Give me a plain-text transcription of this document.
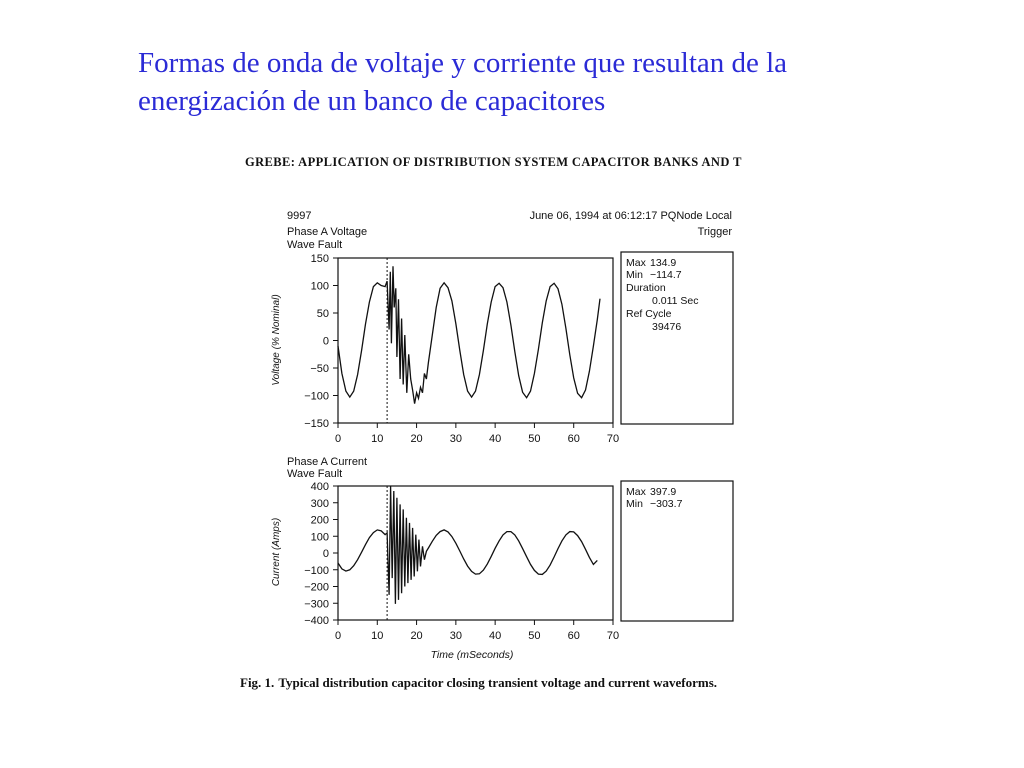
Formas de onda de voltaje y corriente que resultan de la
energización de un banco de capacitores
GREBE: APPLICATION OF DISTRIBUTION SYSTEM CAPACITOR BANKS AND T
9997
Phase A Voltage
Wave Fault
June 06, 1994 at 06:12:17 PQNode Local
Trigger
150
100
50
0
−50
−100
−150
0	10 20 30 40 50 60 70
Voltage (% Nominal)
Max 134.9
Min −114.7
Duration
0.011 Sec
Ref Cycle
39476
Phase A Current
Wave Fault
400
300
200
100
0
−100
−200
−300
−400
0	10 20 30 40 50 60 70
Current (Amps)
Time (mSeconds)
Max 397.9
Min −303.7
Fig. 1. Typical distribution capacitor closing transient voltage and current waveforms.
